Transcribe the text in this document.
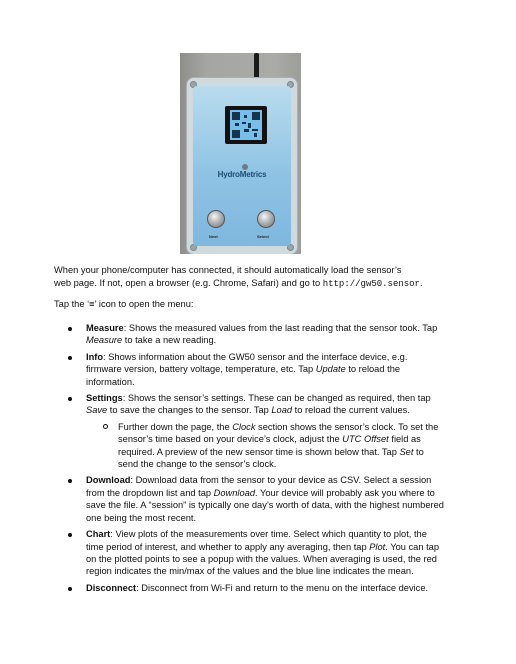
HydroMetrics
Next	Select
When your phone/computer has connected, it should automatically load the sensor’s
web page. If not, open a browser (e.g. Chrome, Safari) and go to http://gw50.sensor.
Tap the ‘≡’ icon to open the menu:
Measure: Shows the measured values from the last reading that the sensor took. Tap Measure to take a new reading.
Info: Shows information about the GW50 sensor and the interface device, e.g. firmware version, battery voltage, temperature, etc. Tap Update to reload the information.
Settings: Shows the sensor’s settings. These can be changed as required, then tap Save to save the changes to the sensor. Tap Load to reload the current values.
Further down the page, the Clock section shows the sensor’s clock. To set the sensor’s time based on your device’s clock, adjust the UTC Offset field as required. A preview of the new sensor time is shown below that. Tap Set to send the change to the sensor’s clock.
Download: Download data from the sensor to your device as CSV. Select a session from the dropdown list and tap Download. Your device will probably ask you where to save the file. A “session” is typically one day’s worth of data, with the highest numbered one being the most recent.
Chart: View plots of the measurements over time. Select which quantity to plot, the time period of interest, and whether to apply any averaging, then tap Plot. You can tap on the plotted points to see a popup with the values. When averaging is used, the red region indicates the min/max of the values and the blue line indicates the mean.
Disconnect: Disconnect from Wi-Fi and return to the menu on the interface device.
